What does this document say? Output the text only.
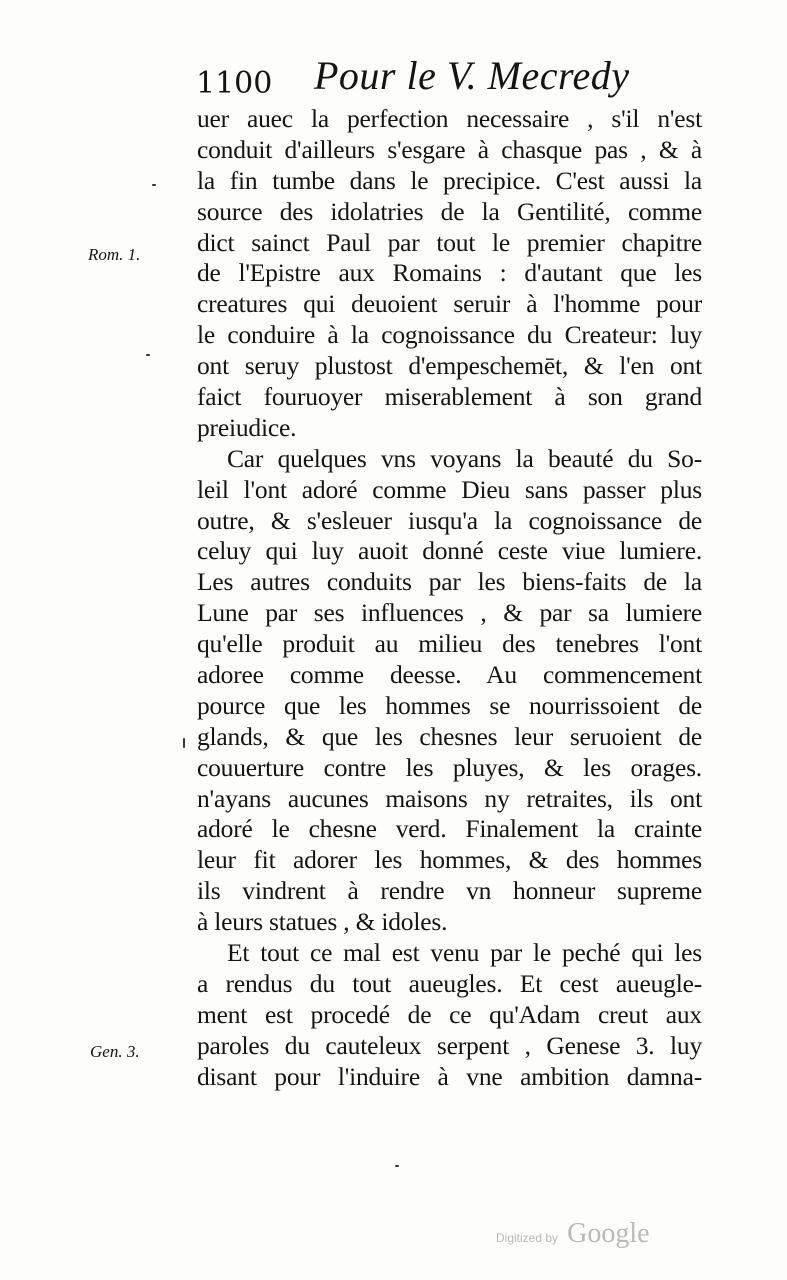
1100 Pour le V. Mecredy
Rom. 1.
Gen. 3.
uer auec la perfection necessaire , s'il n'est
conduit d'ailleurs s'esgare à chasque pas , & à
la fin tumbe dans le precipice. C'est aussi la
source des idolatries de la Gentilité, comme
dict sainct Paul par tout le premier chapitre
de l'Epistre aux Romains : d'autant que les
creatures qui deuoient seruir à l'homme pour
le conduire à la cognoissance du Createur: luy
ont seruy plustost d'empeschemēt, & l'en ont
faict fouruoyer miserablement à son grand
preiudice.
Car quelques vns voyans la beauté du So-
leil l'ont adoré comme Dieu sans passer plus
outre, & s'esleuer iusqu'a la cognoissance de
celuy qui luy auoit donné ceste viue lumiere.
Les autres conduits par les biens-faits de la
Lune par ses influences , & par sa lumiere
qu'elle produit au milieu des tenebres l'ont
adoree comme deesse. Au commencement
pource que les hommes se nourrissoient de
glands, & que les chesnes leur seruoient de
couuerture contre les pluyes, & les orages.
n'ayans aucunes maisons ny retraites, ils ont
adoré le chesne verd. Finalement la crainte
leur fit adorer les hommes, & des hommes
ils vindrent à rendre vn honneur supreme
à leurs statues , & idoles.
Et tout ce mal est venu par le peché qui les
a rendus du tout aueugles. Et cest aueugle-
ment est procedé de ce qu'Adam creut aux
paroles du cauteleux serpent , Genese 3. luy
disant pour l'induire à vne ambition damna-
Digitized by Google
